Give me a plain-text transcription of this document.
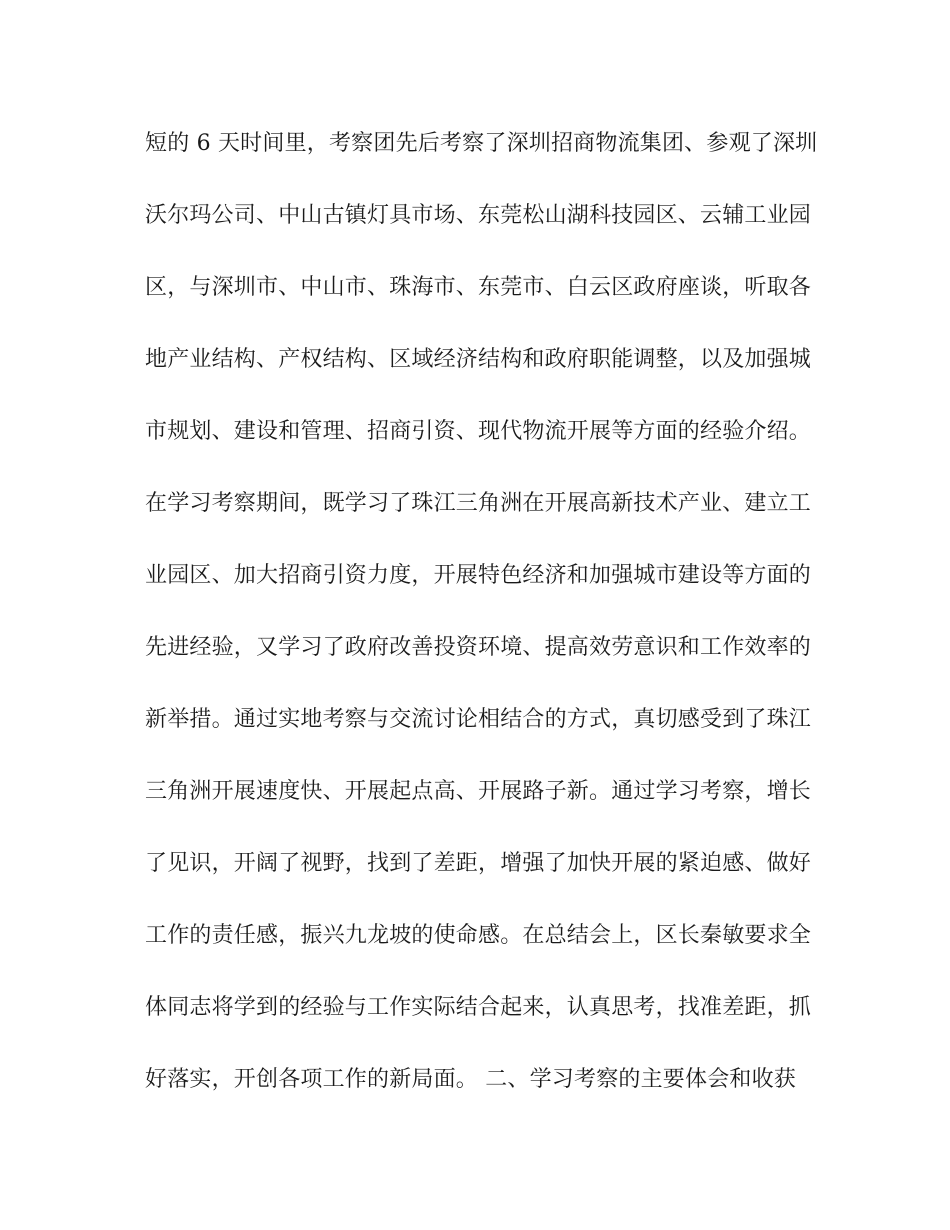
短的 6 天时间里，考察团先后考察了深圳招商物流集团、参观了深圳
沃尔玛公司、中山古镇灯具市场、东莞松山湖科技园区、云辅工业园
区，与深圳市、中山市、珠海市、东莞市、白云区政府座谈，听取各
地产业结构、产权结构、区域经济结构和政府职能调整，以及加强城
市规划、建设和管理、招商引资、现代物流开展等方面的经验介绍。
在学习考察期间，既学习了珠江三角洲在开展高新技术产业、建立工
业园区、加大招商引资力度，开展特色经济和加强城市建设等方面的
先进经验，又学习了政府改善投资环境、提高效劳意识和工作效率的
新举措。通过实地考察与交流讨论相结合的方式，真切感受到了珠江
三角洲开展速度快、开展起点高、开展路子新。通过学习考察，增长
了见识，开阔了视野，找到了差距，增强了加快开展的紧迫感、做好
工作的责任感，振兴九龙坡的使命感。在总结会上，区长秦敏要求全
体同志将学到的经验与工作实际结合起来，认真思考，找准差距，抓
好落实，开创各项工作的新局面。 二、学习考察的主要体会和收获
